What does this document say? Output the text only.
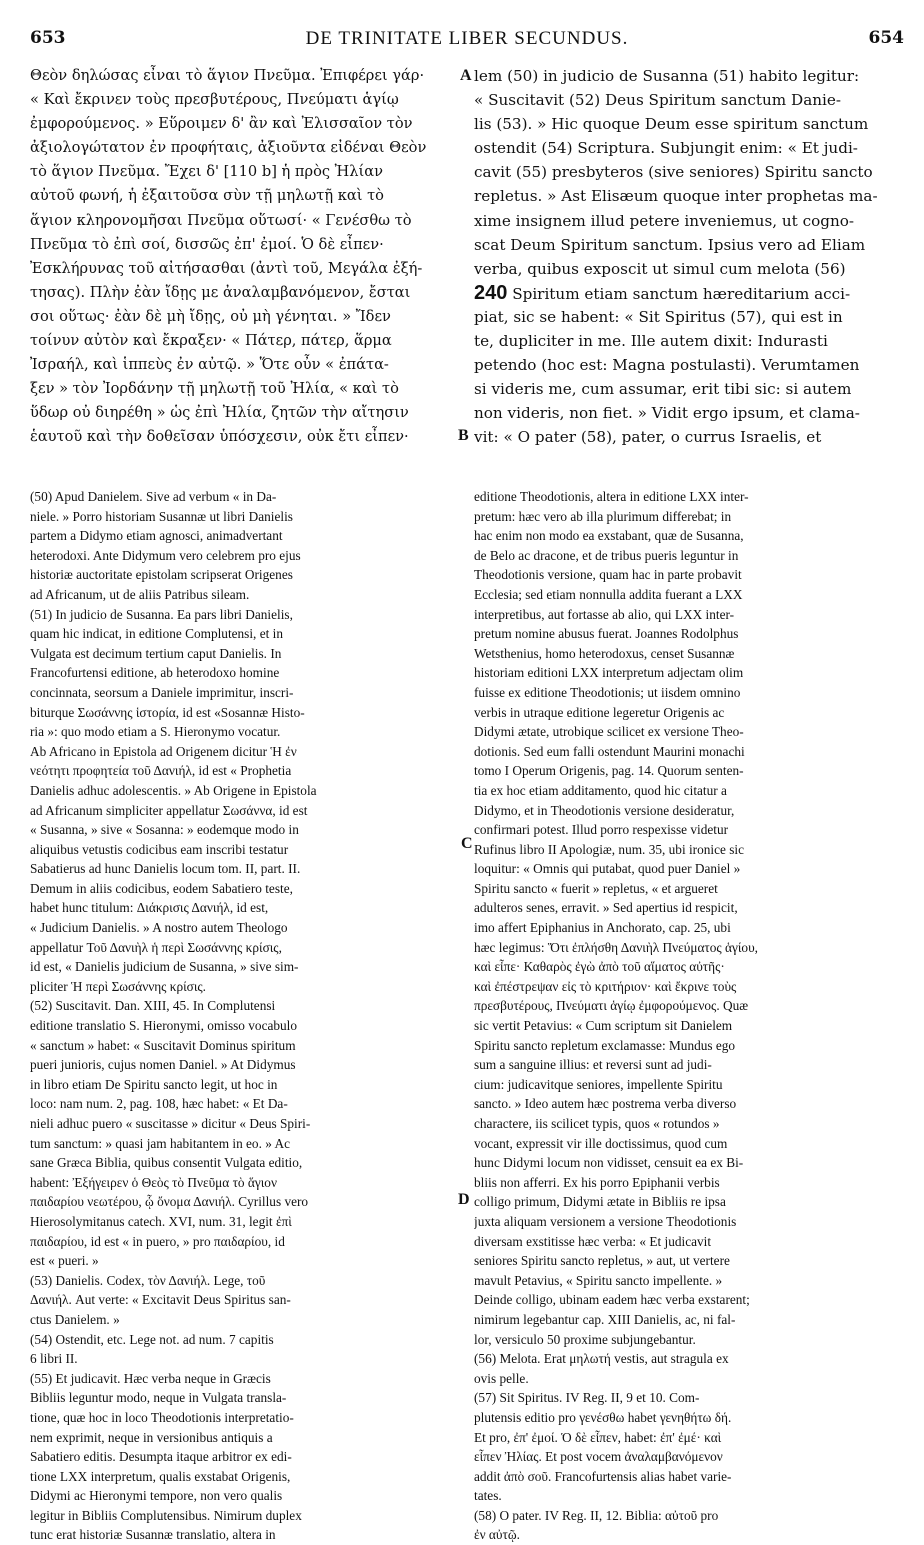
653	DE TRINITATE LIBER SECUNDUS.	654
Θεὸν δηλώσας εἶναι τὸ ἅγιον Πνεῦμα. Ἐπιφέρει γάρ·
« Καὶ ἔκρινεν τοὺς πρεσβυτέρους, Πνεύματι ἁγίῳ
ἐμφορούμενος. » Εὕροιμεν δ' ἂν καὶ Ἐλισσαῖον τὸν
ἀξιολογώτατον ἐν προφήταις, ἀξιοῦντα εἰδέναι Θεὸν
τὸ ἅγιον Πνεῦμα. Ἔχει δ' [110 b] ἡ πρὸς Ἠλίαν
αὐτοῦ φωνή, ἡ ἐξαιτοῦσα σὺν τῇ μηλωτῇ καὶ τὸ
ἅγιον κληρονομῆσαι Πνεῦμα οὕτωσί· « Γενέσθω τὸ
Πνεῦμα τὸ ἐπὶ σοί, δισσῶς ἐπ' ἐμοί. Ὁ δὲ εἶπεν·
Ἐσκλήρυνας τοῦ αἰτήσασθαι (ἀντὶ τοῦ, Μεγάλα ἐξή-
τησας). Πλὴν ἐὰν ἴδῃς με ἀναλαμβανόμενον, ἔσται
σοι οὕτως· ἐὰν δὲ μὴ ἴδῃς, οὐ μὴ γένηται. » Ἴδεν
τοίνυν αὐτὸν καὶ ἔκραξεν· « Πάτερ, πάτερ, ἅρμα
Ἰσραήλ, καὶ ἱππεὺς ἐν αὐτῷ. » Ὅτε οὖν « ἐπάτα-
ξεν » τὸν Ἰορδάνην τῇ μηλωτῇ τοῦ Ἠλία, « καὶ τὸ
ὕδωρ οὐ διηρέθη » ὡς ἐπὶ Ἠλία, ζητῶν τὴν αἴτησιν
ἑαυτοῦ καὶ τὴν δοθεῖσαν ὑπόσχεσιν, οὐκ ἔτι εἶπεν·
lem (50) in judicio de Susanna (51) habito legitur:
« Suscitavit (52) Deus Spiritum sanctum Danie-
lis (53). » Hic quoque Deum esse spiritum sanctum
ostendit (54) Scriptura. Subjungit enim: « Et judi-
cavit (55) presbyteros (sive seniores) Spiritu sancto
repletus. » Ast Elisæum quoque inter prophetas ma-
xime insignem illud petere inveniemus, ut cogno-
scat Deum Spiritum sanctum. Ipsius vero ad Eliam
verba, quibus exposcit ut simul cum melota (56)
240 Spiritum etiam sanctum hæreditarium acci-
piat, sic se habent: « Sit Spiritus (57), qui est in
te, dupliciter in me. Ille autem dixit: Indurasti
petendo (hoc est: Magna postulasti). Verumtamen
si videris me, cum assumar, erit tibi sic: si autem
non videris, non fiet. » Vidit ergo ipsum, et clama-
vit: « O pater (58), pater, o currus Israelis, et
A
B
C
D
(50) Apud Danielem. Sive ad verbum « in Da-
niele. » Porro historiam Susannæ ut libri Danielis
partem a Didymo etiam agnosci, animadvertant
heterodoxi. Ante Didymum vero celebrem pro ejus
historiæ auctoritate epistolam scripserat Origenes
ad Africanum, ut de aliis Patribus sileam.
(51) In judicio de Susanna. Ea pars libri Danielis,
quam hic indicat, in editione Complutensi, et in
Vulgata est decimum tertium caput Danielis. In
Francofurtensi editione, ab heterodoxo homine
concinnata, seorsum a Daniele imprimitur, inscri-
biturque Σωσάννης ἱστορία, id est «Sosannæ Histo-
ria »: quo modo etiam a S. Hieronymo vocatur.
Ab Africano in Epistola ad Origenem dicitur Ἡ ἐν
νεότητι προφητεία τοῦ Δανιήλ, id est « Prophetia
Danielis adhuc adolescentis. » Ab Origene in Epistola
ad Africanum simpliciter appellatur Σωσάννα, id est
« Susanna, » sive « Sosanna: » eodemque modo in
aliquibus vetustis codicibus eam inscribi testatur
Sabatierus ad hunc Danielis locum tom. II, part. II.
Demum in aliis codicibus, eodem Sabatiero teste,
habet hunc titulum: Διάκρισις Δανιήλ, id est,
« Judicium Danielis. » A nostro autem Theologo
appellatur Τοῦ Δανιὴλ ἡ περὶ Σωσάννης κρίσις,
id est, « Danielis judicium de Susanna, » sive sim-
pliciter Ἡ περὶ Σωσάννης κρίσις.
(52) Suscitavit. Dan. XIII, 45. In Complutensi
editione translatio S. Hieronymi, omisso vocabulo
« sanctum » habet: « Suscitavit Dominus spiritum
pueri junioris, cujus nomen Daniel. » At Didymus
in libro etiam De Spiritu sancto legit, ut hoc in
loco: nam num. 2, pag. 108, hæc habet: « Et Da-
nieli adhuc puero « suscitasse » dicitur « Deus Spiri-
tum sanctum: » quasi jam habitantem in eo. » Ac
sane Græca Biblia, quibus consentit Vulgata editio,
habent: Ἐξήγειρεν ὁ Θεὸς τὸ Πνεῦμα τὸ ἅγιον
παιδαρίου νεωτέρου, ᾧ ὄνομα Δανιήλ. Cyrillus vero
Hierosolymitanus catech. XVI, num. 31, legit ἐπὶ
παιδαρίου, id est « in puero, » pro παιδαρίου, id
est « pueri. »
(53) Danielis. Codex, τὸν Δανιήλ. Lege, τοῦ
Δανιήλ. Aut verte: « Excitavit Deus Spiritus san-
ctus Danielem. »
(54) Ostendit, etc. Lege not. ad num. 7 capitis
6 libri II.
(55) Et judicavit. Hæc verba neque in Græcis
Bibliis leguntur modo, neque in Vulgata transla-
tione, quæ hoc in loco Theodotionis interpretatio-
nem exprimit, neque in versionibus antiquis a
Sabatiero editis. Desumpta itaque arbitror ex edi-
tione LXX interpretum, qualis exstabat Origenis,
Didymi ac Hieronymi tempore, non vero qualis
legitur in Bibliis Complutensibus. Nimirum duplex
tunc erat historiæ Susannæ translatio, altera in
editione Theodotionis, altera in editione LXX inter-
pretum: hæc vero ab illa plurimum differebat; in
hac enim non modo ea exstabant, quæ de Susanna,
de Belo ac dracone, et de tribus pueris leguntur in
Theodotionis versione, quam hac in parte probavit
Ecclesia; sed etiam nonnulla addita fuerant a LXX
interpretibus, aut fortasse ab alio, qui LXX inter-
pretum nomine abusus fuerat. Joannes Rodolphus
Wetsthenius, homo heterodoxus, censet Susannæ
historiam editioni LXX interpretum adjectam olim
fuisse ex editione Theodotionis; ut iisdem omnino
verbis in utraque editione legeretur Origenis ac
Didymi ætate, utrobique scilicet ex versione Theo-
dotionis. Sed eum falli ostendunt Maurini monachi
tomo I Operum Origenis, pag. 14. Quorum senten-
tia ex hoc etiam additamento, quod hic citatur a
Didymo, et in Theodotionis versione desideratur,
confirmari potest. Illud porro respexisse videtur
Rufinus libro II Apologiæ, num. 35, ubi ironice sic
loquitur: « Omnis qui putabat, quod puer Daniel »
Spiritu sancto « fuerit » repletus, « et argueret
adulteros senes, erravit. » Sed apertius id respicit,
imo affert Epiphanius in Anchorato, cap. 25, ubi
hæc legimus: Ὅτι ἐπλήσθη Δανιὴλ Πνεύματος ἁγίου,
καὶ εἶπε· Καθαρὸς ἐγὼ ἀπὸ τοῦ αἵματος αὐτῆς·
καὶ ἐπέστρεψαν εἰς τὸ κριτήριον· καὶ ἔκρινε τοὺς
πρεσβυτέρους, Πνεύματι ἁγίῳ ἐμφορούμενος. Quæ
sic vertit Petavius: « Cum scriptum sit Danielem
Spiritu sancto repletum exclamasse: Mundus ego
sum a sanguine illius: et reversi sunt ad judi-
cium: judicavitque seniores, impellente Spiritu
sancto. » Ideo autem hæc postrema verba diverso
charactere, iis scilicet typis, quos « rotundos »
vocant, expressit vir ille doctissimus, quod cum
hunc Didymi locum non vidisset, censuit ea ex Bi-
bliis non afferri. Ex his porro Epiphanii verbis
colligo primum, Didymi ætate in Bibliis re ipsa
juxta aliquam versionem a versione Theodotionis
diversam exstitisse hæc verba: « Et judicavit
seniores Spiritu sancto repletus, » aut, ut vertere
mavult Petavius, « Spiritu sancto impellente. »
Deinde colligo, ubinam eadem hæc verba exstarent;
nimirum legebantur cap. XIII Danielis, ac, ni fal-
lor, versiculo 50 proxime subjungebantur.
(56) Melota. Erat μηλωτή vestis, aut stragula ex
ovis pelle.
(57) Sit Spiritus. IV Reg. II, 9 et 10. Com-
plutensis editio pro γενέσθω habet γενηθήτω δή.
Et pro, ἐπ' ἐμοί. Ὁ δὲ εἶπεν, habet: ἐπ' ἐμέ· καὶ
εἶπεν Ἠλίας. Et post vocem ἀναλαμβανόμενον
addit ἀπὸ σοῦ. Francofurtensis alias habet varie-
tates.
(58) O pater. IV Reg. II, 12. Biblia: αὐτοῦ pro
ἐν αὐτῷ.
